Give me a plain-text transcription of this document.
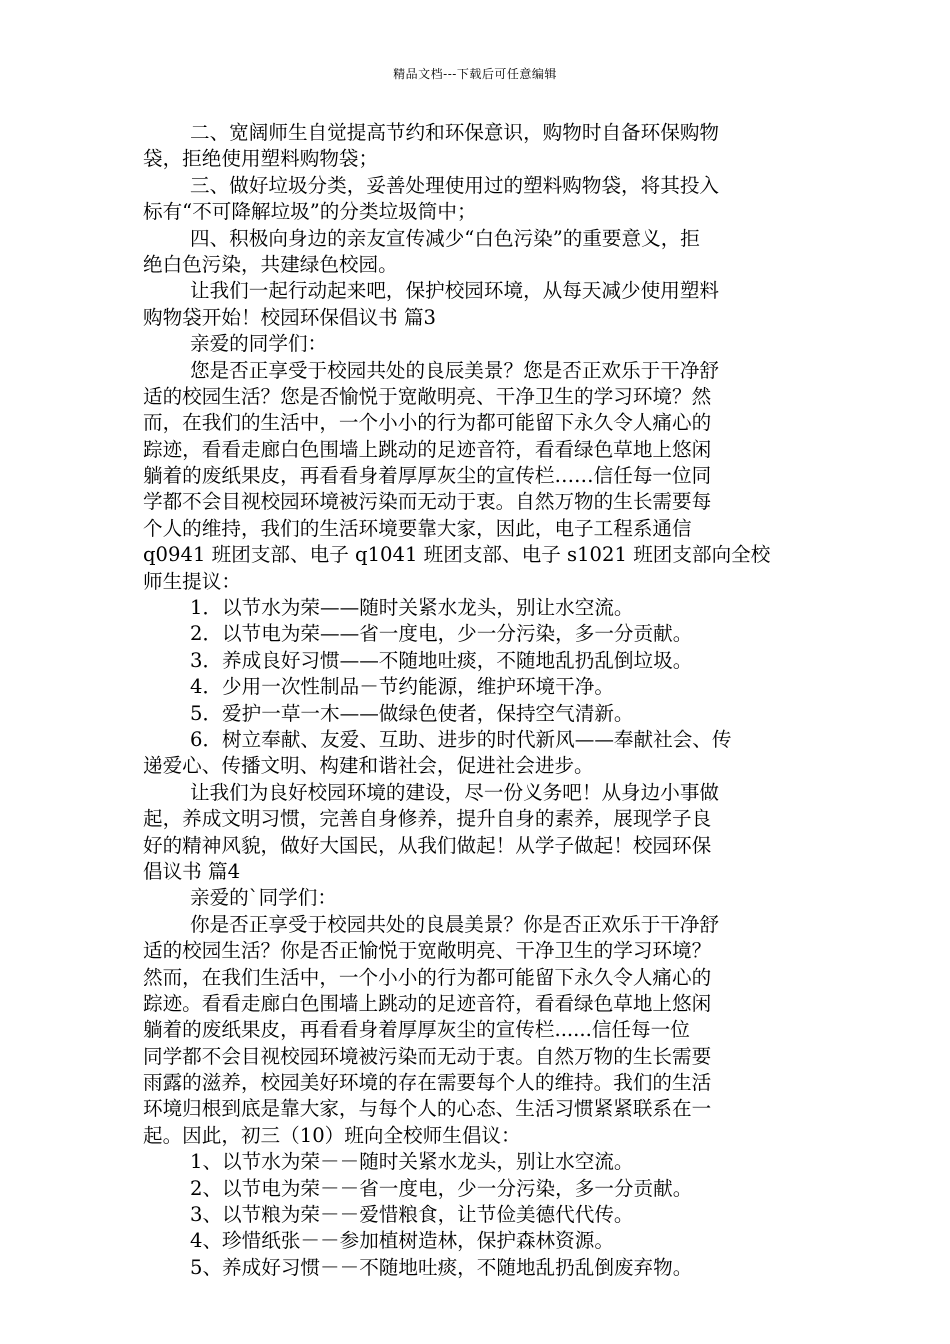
精品文档---下载后可任意编辑
二、宽阔师生自觉提高节约和环保意识，购物时自备环保购物
袋，拒绝使用塑料购物袋；
三、做好垃圾分类，妥善处理使用过的塑料购物袋，将其投入
标有“不可降解垃圾”的分类垃圾筒中；
四、积极向身边的亲友宣传减少“白色污染”的重要意义，拒
绝白色污染，共建绿色校园。
让我们一起行动起来吧，保护校园环境，从每天减少使用塑料
购物袋开始！校园环保倡议书 篇3
亲爱的同学们：
您是否正享受于校园共处的良辰美景？您是否正欢乐于干净舒
适的校园生活？您是否愉悦于宽敞明亮、干净卫生的学习环境？然
而，在我们的生活中，一个小小的行为都可能留下永久令人痛心的
踪迹，看看走廊白色围墙上跳动的足迹音符，看看绿色草地上悠闲
躺着的废纸果皮，再看看身着厚厚灰尘的宣传栏……信任每一位同
学都不会目视校园环境被污染而无动于衷。自然万物的生长需要每
个人的维持，我们的生活环境要靠大家，因此，电子工程系通信
q0941 班团支部、电子 q1041 班团支部、电子 s1021 班团支部向全校
师生提议：
1．以节水为荣——随时关紧水龙头，别让水空流。
2．以节电为荣——省一度电，少一分污染，多一分贡献。
3．养成良好习惯——不随地吐痰，不随地乱扔乱倒垃圾。
4．少用一次性制品－节约能源，维护环境干净。
5．爱护一草一木——做绿色使者，保持空气清新。
6．树立奉献、友爱、互助、进步的时代新风——奉献社会、传
递爱心、传播文明、构建和谐社会，促进社会进步。
让我们为良好校园环境的建设，尽一份义务吧！从身边小事做
起，养成文明习惯，完善自身修养，提升自身的素养，展现学子良
好的精神风貌，做好大国民，从我们做起！从学子做起！校园环保
倡议书 篇4
亲爱的`同学们：
你是否正享受于校园共处的良晨美景？你是否正欢乐于干净舒
适的校园生活？你是否正愉悦于宽敞明亮、干净卫生的学习环境？
然而，在我们生活中，一个小小的行为都可能留下永久令人痛心的
踪迹。看看走廊白色围墙上跳动的足迹音符，看看绿色草地上悠闲
躺着的废纸果皮，再看看身着厚厚灰尘的宣传栏......信任每一位
同学都不会目视校园环境被污染而无动于衷。自然万物的生长需要
雨露的滋养，校园美好环境的存在需要每个人的维持。我们的生活
环境归根到底是靠大家，与每个人的心态、生活习惯紧紧联系在一
起。因此，初三（10）班向全校师生倡议：
1、以节水为荣－－随时关紧水龙头，别让水空流。
2、以节电为荣－－省一度电，少一分污染，多一分贡献。
3、以节粮为荣－－爱惜粮食，让节俭美德代代传。
4、珍惜纸张－－参加植树造林，保护森林资源。
5、养成好习惯－－不随地吐痰，不随地乱扔乱倒废弃物。
